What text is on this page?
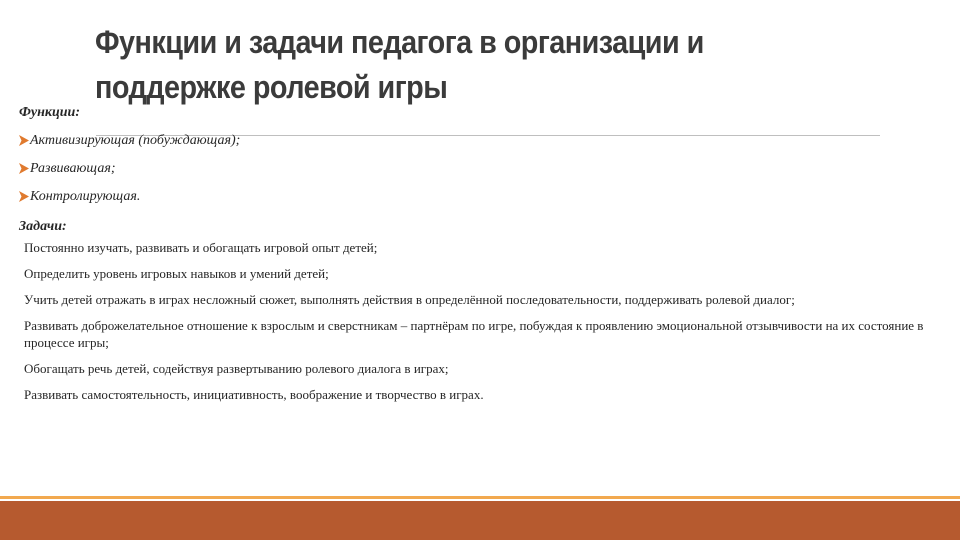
Функции и задачи педагога в организации и поддержке ролевой игры
Функции:
Активизирующая (побуждающая);
Развивающая;
Контролирующая.
Задачи:
Постоянно изучать, развивать и обогащать игровой опыт детей;
Определить уровень игровых навыков и умений детей;
Учить детей отражать в играх несложный сюжет, выполнять действия в определённой последовательности, поддерживать ролевой диалог;
Развивать доброжелательное отношение к взрослым и сверстникам – партнёрам по игре, побуждая к проявлению эмоциональной отзывчивости на их состояние в процессе игры;
Обогащать речь детей, содействуя развертыванию ролевого диалога в играх;
Развивать самостоятельность, инициативность, воображение и творчество в играх.
